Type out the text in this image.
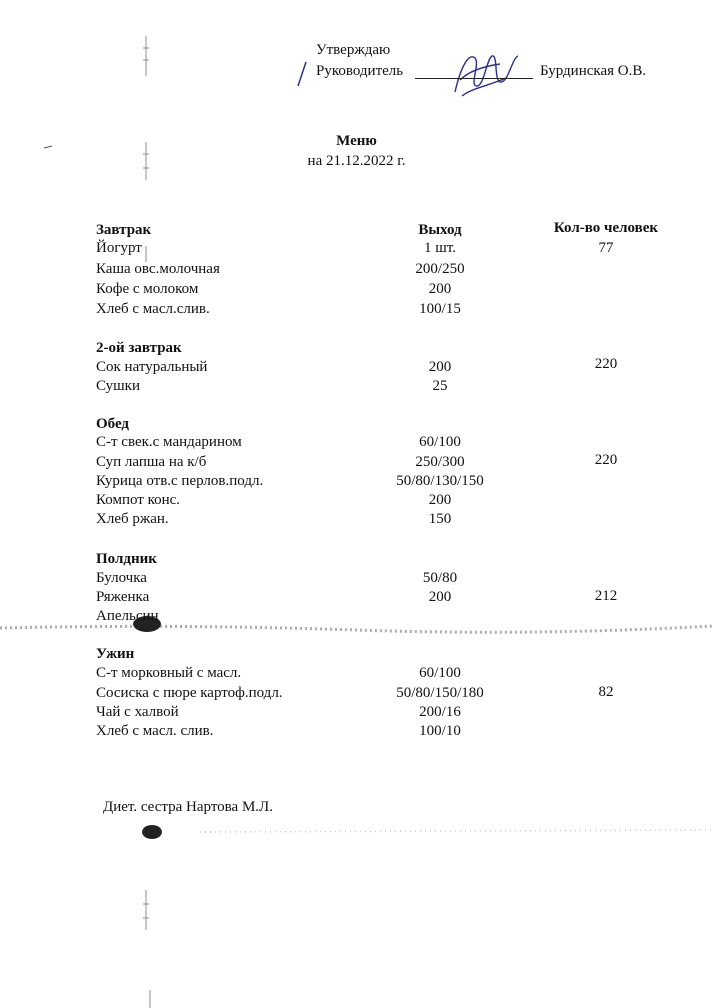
Утверждаю
Руководитель	Бурдинская О.В.
Меню
на 21.12.2022 г.
Завтрак	Выход	Кол-во человек
Йогурт	1 шт.	77
Каша овс.молочная	200/250
Кофе с молоком	200
Хлеб с масл.слив.	100/15
2-ой завтрак
Сок натуральный	200	220
Сушки	25
Обед
С-т свек.с мандарином	60/100
Суп лапша на к/б	250/300	220
Курица отв.с перлов.подл.	50/80/130/150
Компот конс.	200
Хлеб ржан.	150
Полдник
Булочка	50/80
Ряженка	200	212
Апельсин
Ужин
С-т морковный с масл.	60/100
Сосиска с пюре картоф.подл.	50/80/150/180	82
Чай с халвой	200/16
Хлеб с масл. слив.	100/10
Диет. сестра Нартова М.Л.
